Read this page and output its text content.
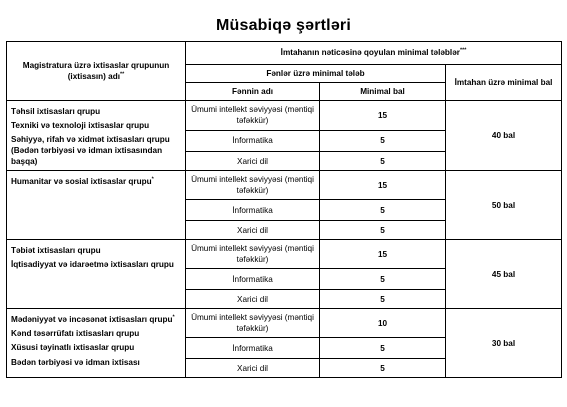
Müsabiqə şərtləri
Magistratura üzrə ixtisaslar qrupunun (ixtisasın) adı**	İmtahanın nəticəsinə qoyulan minimal tələblər***
	Fənlər üzrə minimal tələb		İmtahan üzrə minimal bal
	Fənnin adı	Minimal bal	

Təhsil ixtisasları qrupu
Texniki və texnoloji ixtisaslar qrupu
Səhiyyə, rifah və xidmət ixtisasları qrupu (Bədən tərbiyəsi və idman ixtisasından başqa)	Ümumi intellekt səviyyəsi (məntiqi təfəkkür)	15	40 bal
	İnformatika	5	
	Xarici dil	5	

Humanitar və sosial ixtisaslar qrupu*	Ümumi intellekt səviyyəsi (məntiqi təfəkkür)	15	50 bal
	İnformatika	5	
	Xarici dil	5	

Təbiət ixtisasları qrupu
İqtisadiyyat və idarəetmə ixtisasları qrupu	Ümumi intellekt səviyyəsi (məntiqi təfəkkür)	15	45 bal
	İnformatika	5	
	Xarici dil	5	

Mədəniyyət və incəsənət ixtisasları qrupu*
Kənd təsərrüfatı ixtisasları qrupu
Xüsusi təyinatlı ixtisaslar qrupu
Bədən tərbiyəsi və idman ixtisası	Ümumi intellekt səviyyəsi (məntiqi təfəkkür)	10	30 bal
	İnformatika	5	
	Xarici dil	5	
